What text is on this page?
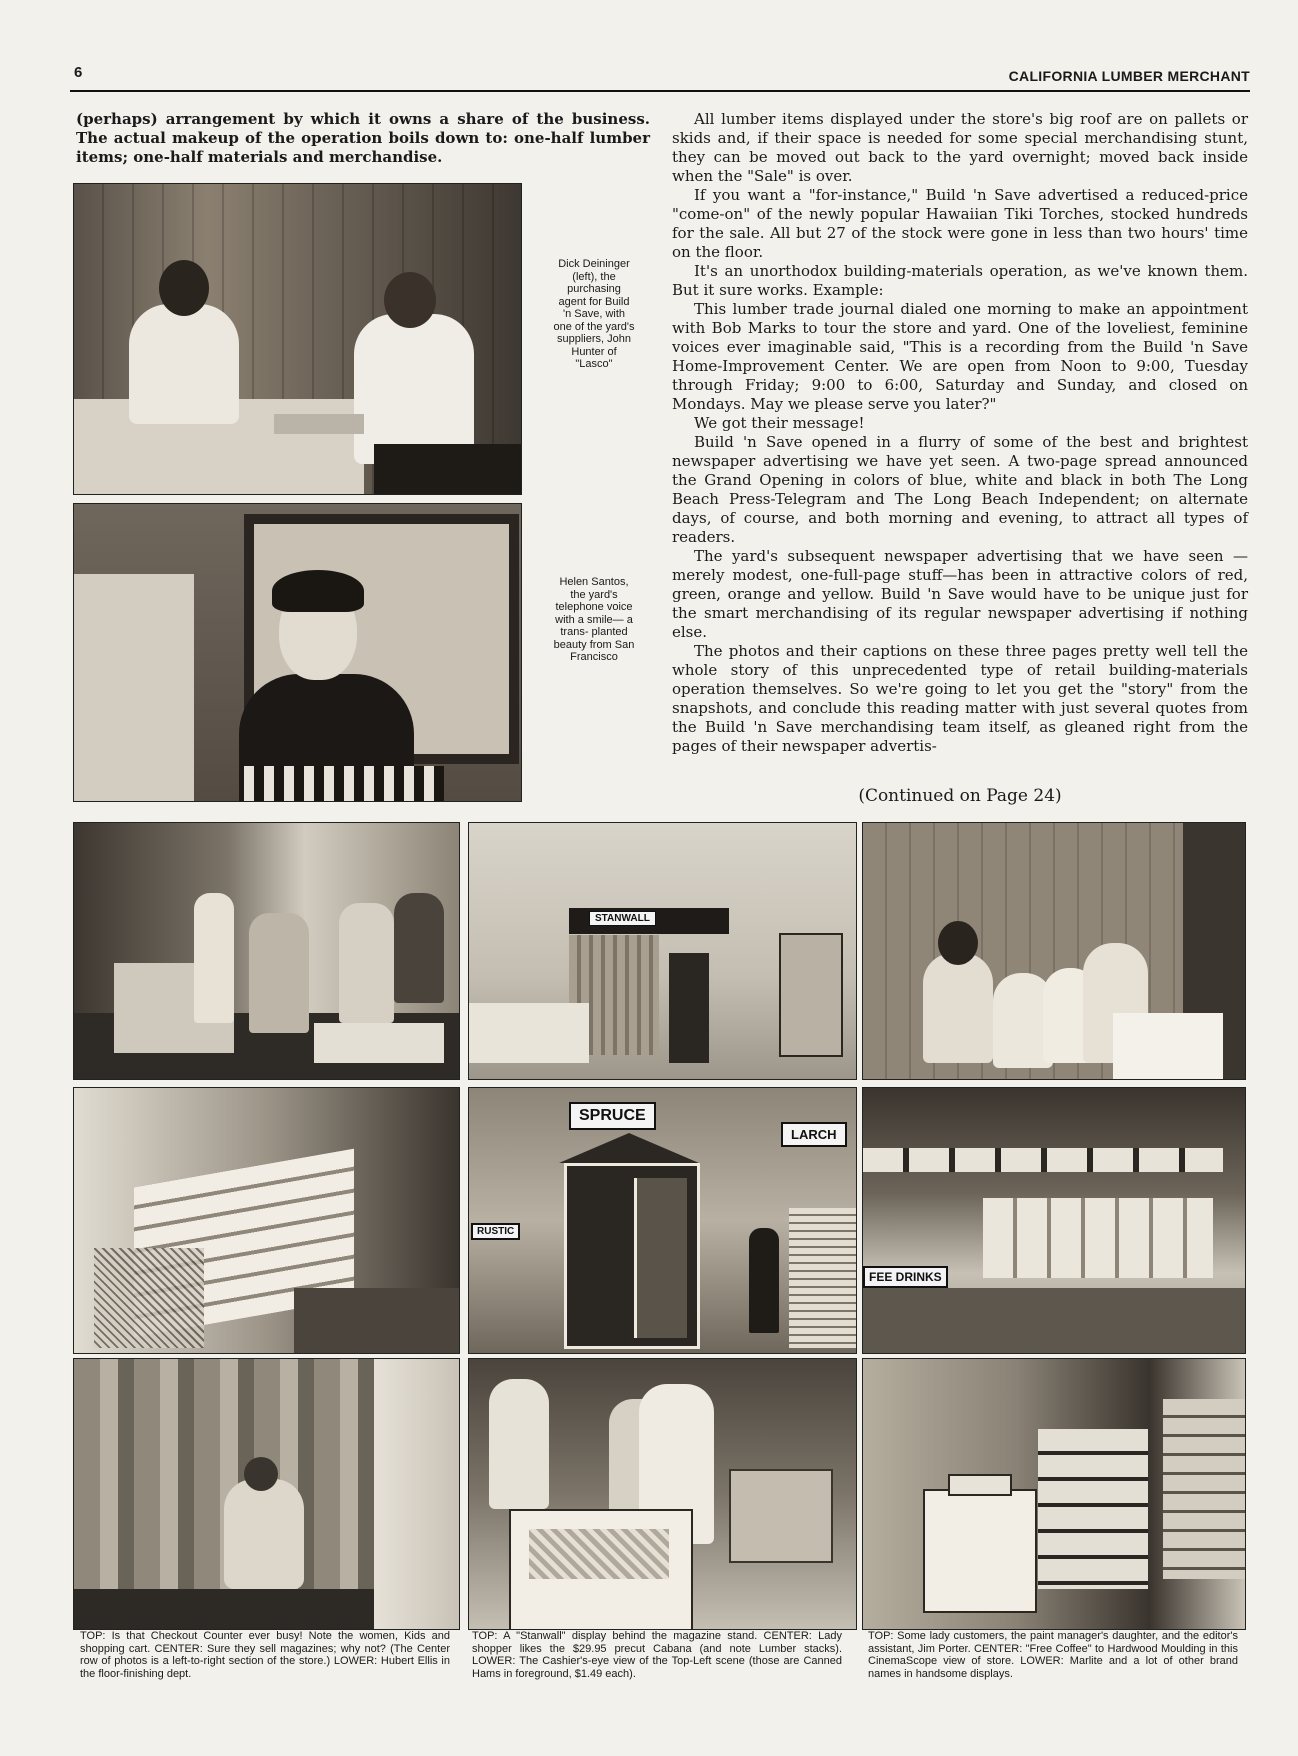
6	CALIFORNIA LUMBER MERCHANT

(perhaps) arrangement by which it owns a share of the business. The actual makeup of the operation boils down to: one-half lumber items; one-half materials and merchandise.

Dick Deininger (left), the purchasing agent for Build 'n Save, with one of the yard's suppliers, John Hunter of "Lasco"

Helen Santos, the yard's telephone voice with a smile— a trans- planted beauty from San Francisco

All lumber items displayed under the store's big roof are on pallets or skids and, if their space is needed for some special merchandising stunt, they can be moved out back to the yard overnight; moved back inside when the "Sale" is over.

If you want a "for-instance," Build 'n Save advertised a reduced-price "come-on" of the newly popular Hawaiian Tiki Torches, stocked hundreds for the sale. All but 27 of the stock were gone in less than two hours' time on the floor.

It's an unorthodox building-materials operation, as we've known them. But it sure works. Example:

This lumber trade journal dialed one morning to make an appointment with Bob Marks to tour the store and yard. One of the loveliest, feminine voices ever imaginable said, "This is a recording from the Build 'n Save Home-Improvement Center. We are open from Noon to 9:00, Tuesday through Friday; 9:00 to 6:00, Saturday and Sunday, and closed on Mondays. May we please serve you later?"

We got their message!

Build 'n Save opened in a flurry of some of the best and brightest newspaper advertising we have yet seen. A two-page spread announced the Grand Opening in colors of blue, white and black in both The Long Beach Press-Telegram and The Long Beach Independent; on alternate days, of course, and both morning and evening, to attract all types of readers.

The yard's subsequent newspaper advertising that we have seen —merely modest, one-full-page stuff—has been in attractive colors of red, green, orange and yellow. Build 'n Save would have to be unique just for the smart merchandising of its regular newspaper advertising if nothing else.

The photos and their captions on these three pages pretty well tell the whole story of this unprecedented type of retail building-materials operation themselves. So we're going to let you get the "story" from the snapshots, and conclude this reading matter with just several quotes from the Build 'n Save merchandising team itself, as gleaned right from the pages of their newspaper advertis-

(Continued on Page 24)

STANWALL
SPRUCE
LARCH
RUSTIC
FEE DRINKS

TOP: Is that Checkout Counter ever busy! Note the women, Kids and shopping cart. CENTER: Sure they sell magazines; why not? (The Center row of photos is a left-to-right section of the store.) LOWER: Hubert Ellis in the floor-finishing dept.

TOP: A "Stanwall" display behind the magazine stand. CENTER: Lady shopper likes the $29.95 precut Cabana (and note Lumber stacks). LOWER: The Cashier's-eye view of the Top-Left scene (those are Canned Hams in foreground, $1.49 each).

TOP: Some lady customers, the paint manager's daughter, and the editor's assistant, Jim Porter. CENTER: "Free Coffee" to Hardwood Moulding in this CinemaScope view of store. LOWER: Marlite and a lot of other brand names in handsome displays.
